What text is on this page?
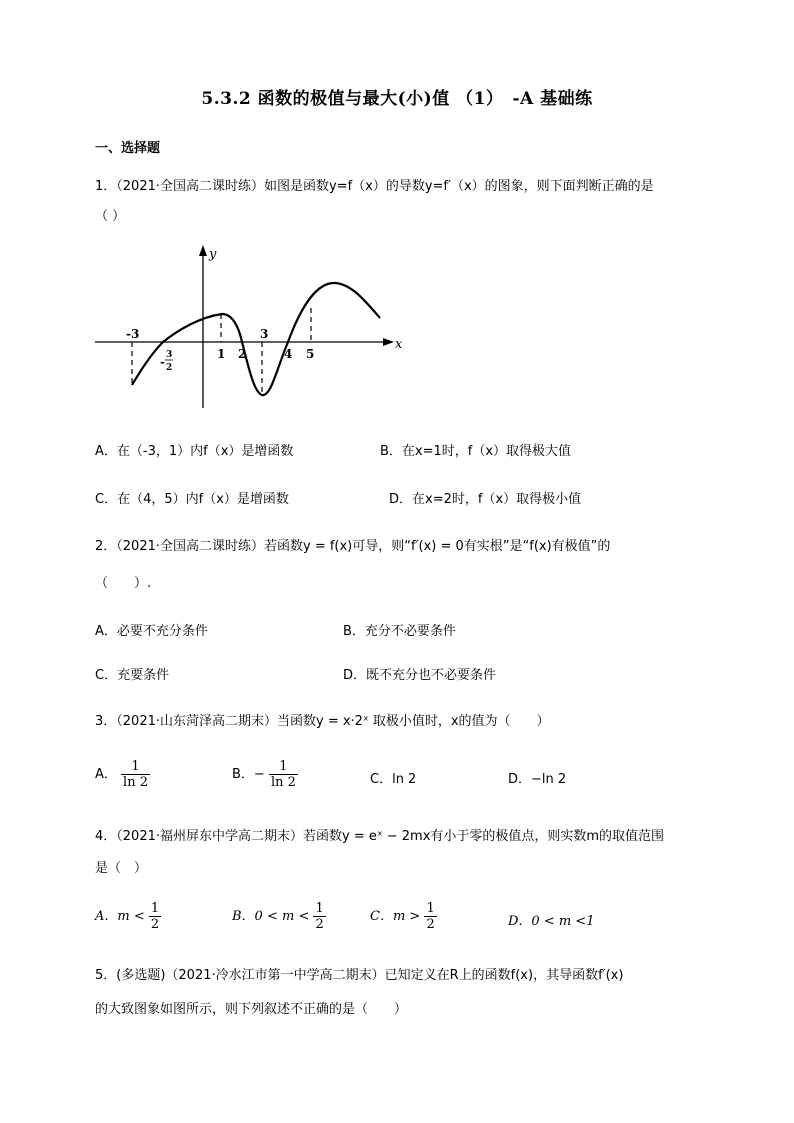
5.3.2 函数的极值与最大(小)值 （1）　-A 基础练
一、选择题
1．（2021·全国高二课时练）如图是函数y=f（x）的导数y=f′（x）的图象，则下面判断正确的是
（ ）
y
x
-3
- 3
2
1 2
3
4 5
A．在（-3，1）内f（x）是增函数	B．在x=1时，f（x）取得极大值
C．在（4，5）内f（x）是增函数	D．在x=2时，f（x）取得极小值
2．（2021·全国高二课时练）若函数y = f(x)可导，则“f′(x) = 0有实根”是“f(x)有极值”的
（　　）.
A．必要不充分条件	B．充分不必要条件
C．充要条件	D．既不充分也不必要条件
3．（2021·山东菏泽高二期末）当函数y = x·2ˣ 取极小值时，x的值为（　　）
A． $\frac{1}{\ln 2}$	B．− $\frac{1}{\ln 2}$	C．ln 2	D．−ln 2
4．（2021·福州屏东中学高二期末）若函数y = eˣ − 2mx有小于零的极值点，则实数m的取值范围
是（　）
A．$m < \frac{1}{2}$	B．$0 < m < \frac{1}{2}$	C．$m > \frac{1}{2}$	D．0 < m <1
5．(多选题)（2021·冷水江市第一中学高二期末）已知定义在R上的函数f(x)，其导函数f′(x)
的大致图象如图所示，则下列叙述不正确的是（　　）
